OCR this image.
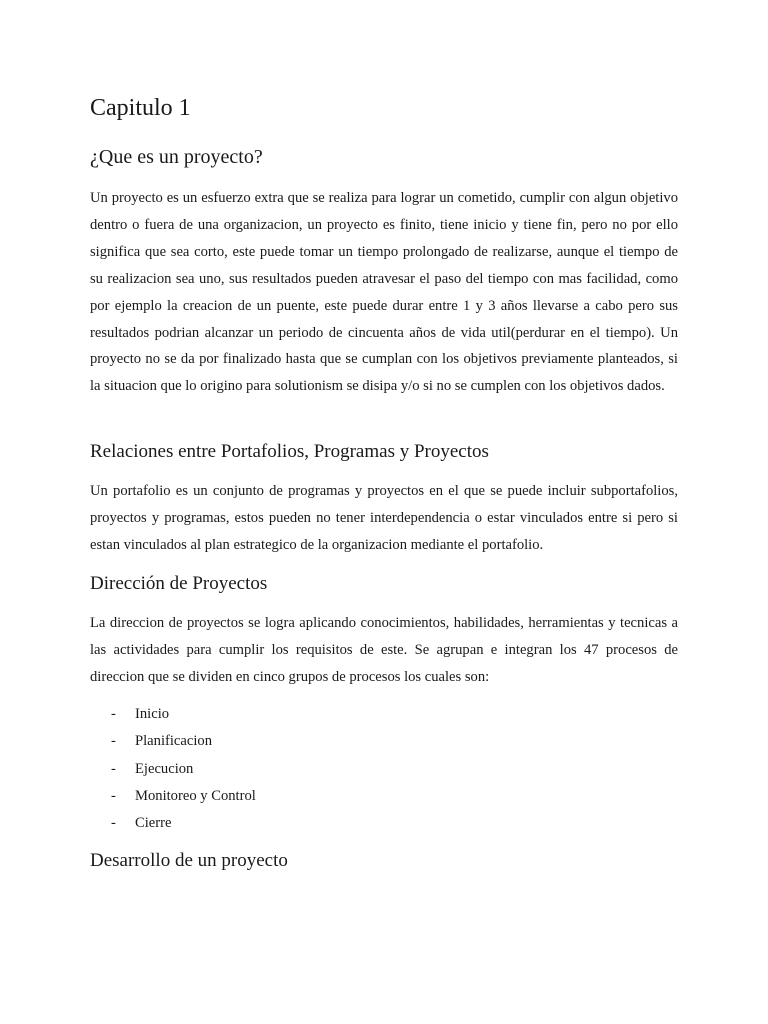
Capitulo 1
¿Que es un proyecto?

Un proyecto es un esfuerzo extra que se realiza para lograr un cometido, cumplir con algun objetivo dentro o fuera de una organizacion, un proyecto es finito, tiene inicio y tiene fin, pero no por ello significa que sea corto, este puede tomar un tiempo prolongado de realizarse, aunque el tiempo de su realizacion sea uno, sus resultados pueden atravesar el paso del tiempo con mas facilidad, como por ejemplo la creacion de un puente, este puede durar entre 1 y 3 años llevarse a cabo pero sus resultados podrian alcanzar un periodo de cincuenta años de vida util(perdurar en el tiempo). Un proyecto no se da por finalizado hasta que se cumplan con los objetivos previamente planteados, si la situacion que lo origino para solutionism se disipa y/o si no se cumplen con los objetivos dados.

Relaciones entre Portafolios, Programas y Proyectos

Un portafolio es un conjunto de programas y proyectos en el que se puede incluir subportafolios, proyectos y programas, estos pueden no tener interdependencia o estar vinculados entre si pero si estan vinculados al plan estrategico de la organizacion mediante el portafolio.

Dirección de Proyectos

La direccion de proyectos se logra aplicando conocimientos, habilidades, herramientas y tecnicas a las actividades para cumplir los requisitos de este. Se agrupan e integran los 47 procesos de direccion que se dividen en cinco grupos de procesos los cuales son:

- Inicio
- Planificacion
- Ejecucion
- Monitoreo y Control
- Cierre
Desarrollo de un proyecto
